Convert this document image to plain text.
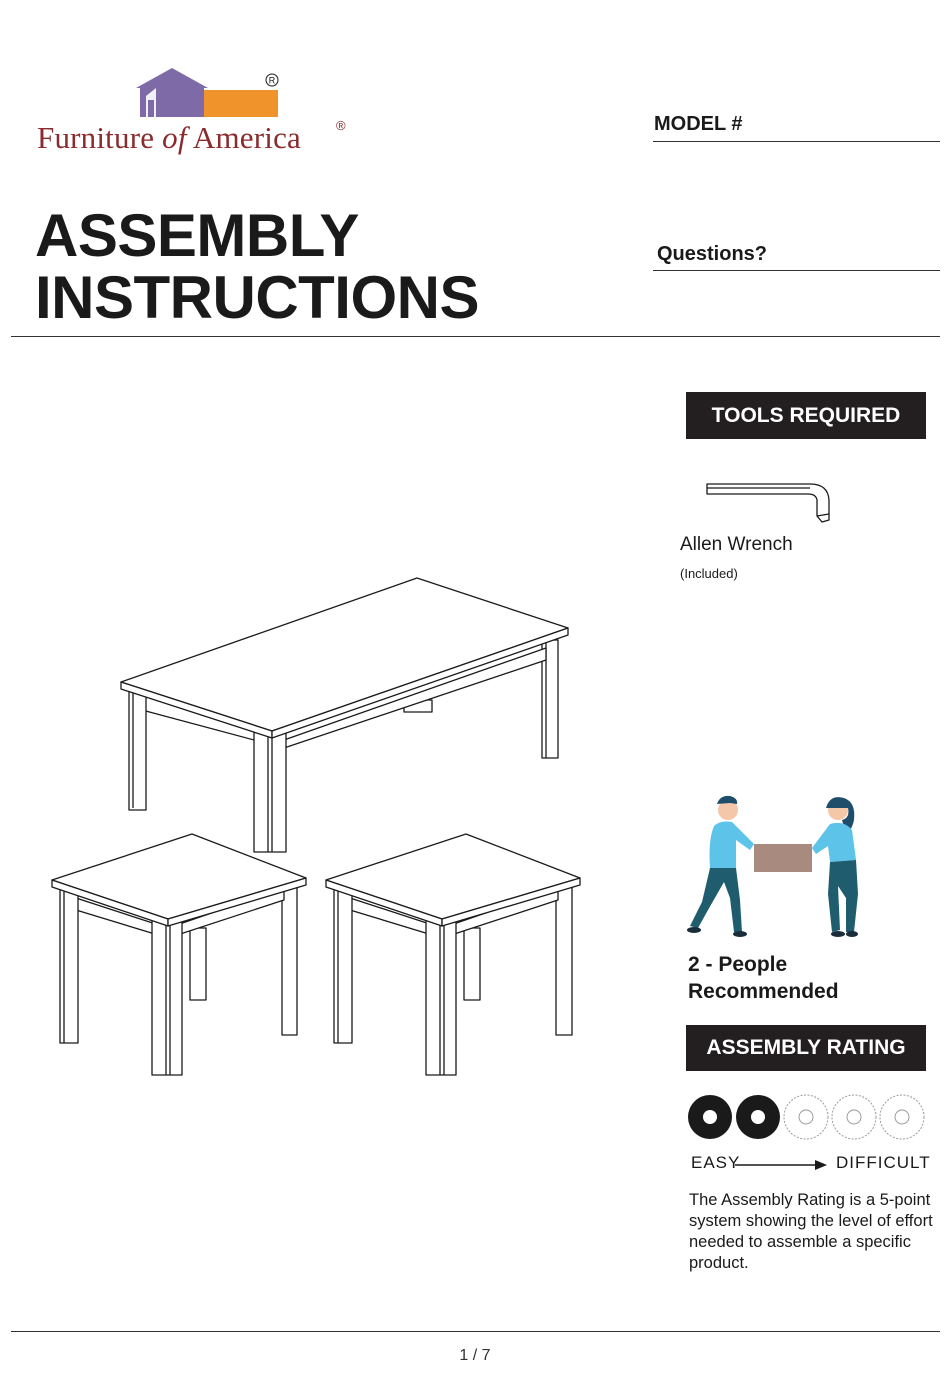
R
Furniture of America	®	MODEL #
Questions?
ASSEMBLY
INSTRUCTIONS
TOOLS REQUIRED
Allen Wrench
(Included)
2 - People
Recommended
ASSEMBLY RATING
EASY	DIFFICULT
The Assembly Rating is a 5-point system showing the level of effort needed to assemble a specific product.
1 / 7
